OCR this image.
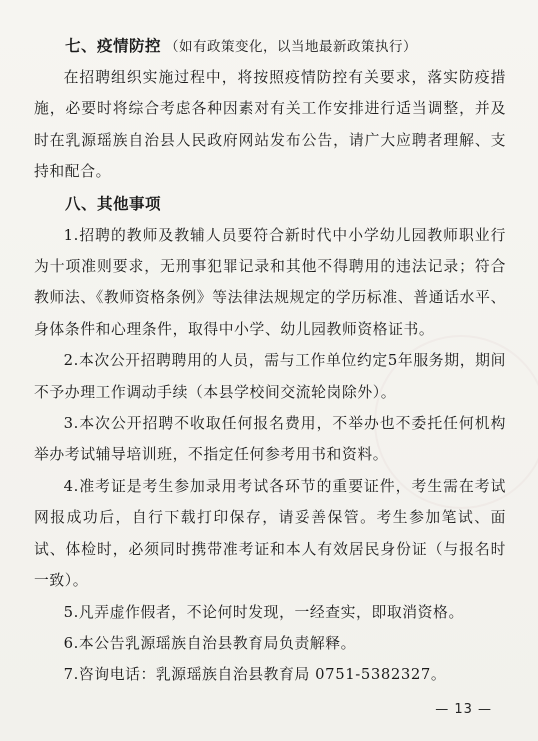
七、疫情防控 （如有政策变化，以当地最新政策执行）

在招聘组织实施过程中，将按照疫情防控有关要求，落实防疫措施，必要时将综合考虑各种因素对有关工作安排进行适当调整，并及时在乳源瑶族自治县人民政府网站发布公告，请广大应聘者理解、支持和配合。

八、其他事项

1.招聘的教师及教辅人员要符合新时代中小学幼儿园教师职业行为十项准则要求，无刑事犯罪记录和其他不得聘用的违法记录；符合教师法、《教师资格条例》等法律法规规定的学历标准、普通话水平、身体条件和心理条件，取得中小学、幼儿园教师资格证书。

2.本次公开招聘聘用的人员，需与工作单位约定5年服务期，期间不予办理工作调动手续（本县学校间交流轮岗除外）。

3.本次公开招聘不收取任何报名费用，不举办也不委托任何机构举办考试辅导培训班，不指定任何参考用书和资料。

4.准考证是考生参加录用考试各环节的重要证件，考生需在考试网报成功后，自行下载打印保存，请妥善保管。考生参加笔试、面试、体检时，必须同时携带准考证和本人有效居民身份证（与报名时一致）。

5.凡弄虚作假者，不论何时发现，一经查实，即取消资格。

6.本公告乳源瑶族自治县教育局负责解释。

7.咨询电话：乳源瑶族自治县教育局 0751-5382327。

— 13 —
